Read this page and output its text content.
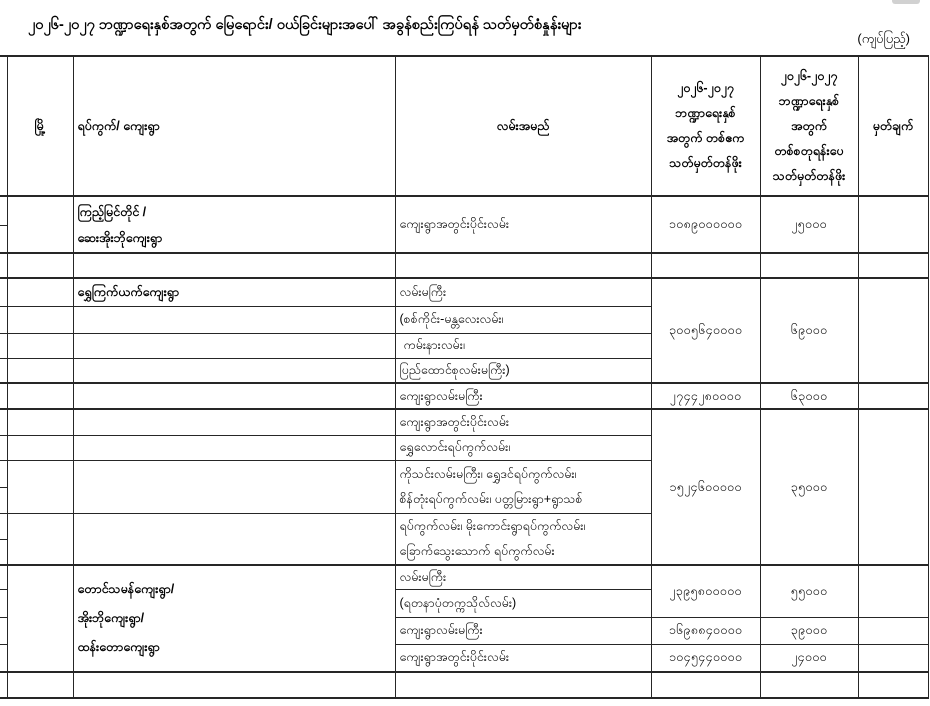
၂၀၂၆-၂၀၂၇ ဘဏ္ဍာရေးနှစ်အတွက် မြေရောင်း/ ဝယ်ခြင်းများအပေါ် အခွန်စည်းကြပ်ရန် သတ်မှတ်စံနှုန်းများ
(ကျပ်ပြည့်)
	မြို့	ရပ်ကွက်/ ကျေးရွာ	လမ်းအမည်	
၂၀၂၆-၂၀၂၇
ဘဏ္ဍာရေးနှစ်
အတွက် တစ်ဧက
သတ်မှတ်တန်ဖိုး

၂၀၂၆-၂၀၂၇
ဘဏ္ဍာရေးနှစ်
အတွက်
တစ်စတုရန်းပေ
သတ်မှတ်တန်ဖိုး
	မှတ်ချက်

		ကြည့်မြင်တိုင် /
ဆေးအိုးဘိုကျေးရွာ	ကျေးရွာအတွင်းပိုင်းလမ်း	၁၀၈၉၀၀၀၀၀၀	၂၅၀၀၀	

		ရွှေကြက်ယက်ကျေးရွာ	လမ်းမကြီး	၃၀၀၅၆၄၀၀၀၀	၆၉၀၀၀	
			(စစ်ကိုင်း-မန္တလေးလမ်း၊			
			ကမ်းနားလမ်း၊			
			ပြည်ထောင်စုလမ်းမကြီး)			
			ကျေးရွာလမ်းမကြီး	၂၇၄၄၂၈၀၀၀၀	၆၃၀၀၀	
			ကျေးရွာအတွင်းပိုင်းလမ်း	၁၅၂၄၆၀၀၀၀၀	၃၅၀၀၀	
			ရွှေလောင်းရပ်ကွက်လမ်း၊			

			ကိုသင်းလမ်းမကြီး၊ ရွှေဒင်ရပ်ကွက်လမ်း၊
စိန်တုံးရပ်ကွက်လမ်း၊ ပတ္တမြားရွာ+ရွာသစ်			

			ရပ်ကွက်လမ်း၊ မိုးကောင်းရွာရပ်ကွက်လမ်း၊
ခြောက်သွေးသောက် ရပ်ကွက်လမ်း			

		တောင်သမန်ကျေးရွာ/
အိုးဘိုကျေးရွာ/
ထန်းတောကျေးရွာ	လမ်းမကြီး	၂၃၉၅၈၀၀၀၀၀	၅၅၀၀၀	
			(ရတနာပုံတက္ကသိုလ်လမ်း)			
			ကျေးရွာလမ်းမကြီး	၁၆၉၈၈၄၀၀၀၀	၃၉၀၀၀	
			ကျေးရွာအတွင်းပိုင်းလမ်း	၁၀၄၅၄၄၀၀၀၀	၂၄၀၀၀	
